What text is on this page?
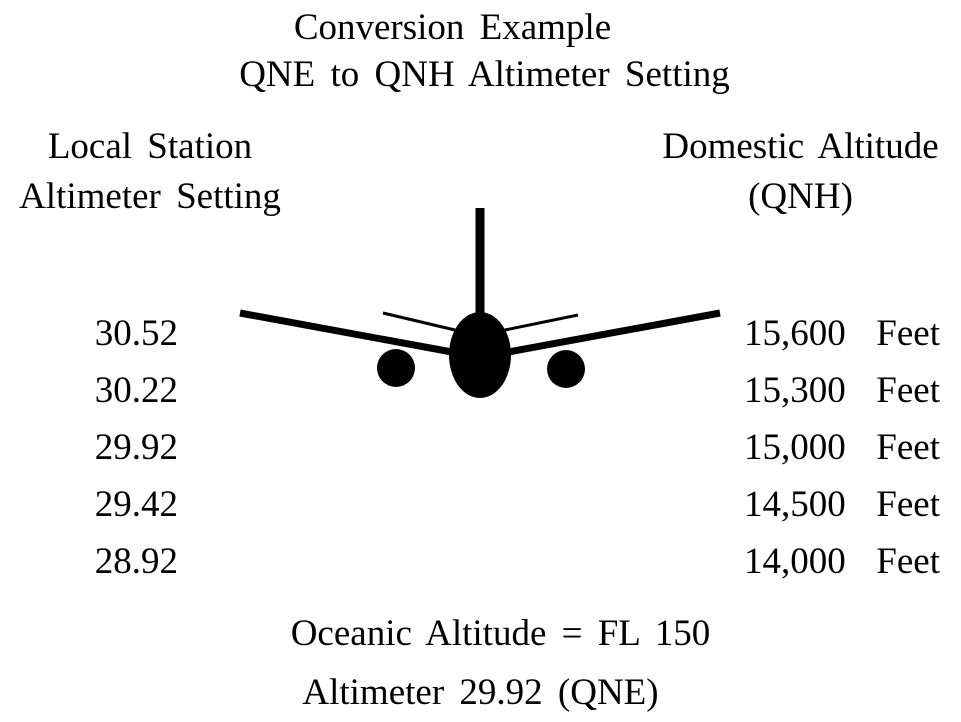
Conversion Example
QNE to QNH Altimeter Setting
Local Station
Altimeter Setting
Domestic Altitude
(QNH)
30.52
30.22
29.92
29.42
28.92
15,600  Feet
15,300  Feet
15,000  Feet
14,500  Feet
14,000  Feet
Oceanic Altitude = FL 150
Altimeter 29.92 (QNE)
